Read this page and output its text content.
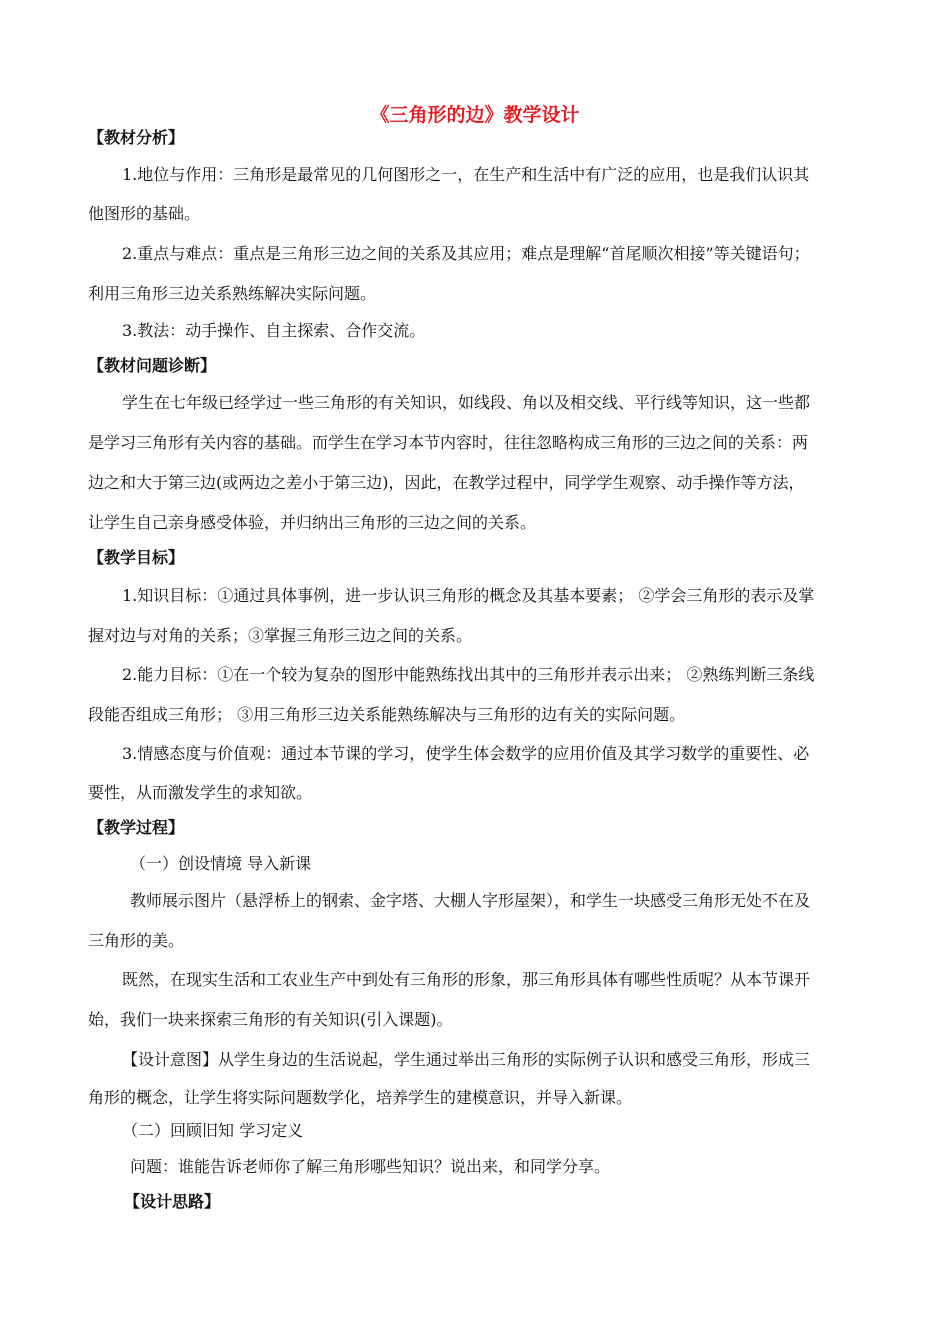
《三角形的边》教学设计
【教材分析】
1.地位与作用：三角形是最常见的几何图形之一，在生产和生活中有广泛的应用，也是我们认识其
他图形的基础。
2.重点与难点：重点是三角形三边之间的关系及其应用；难点是理解“首尾顺次相接”等关键语句；
利用三角形三边关系熟练解决实际问题。
3.教法：动手操作、自主探索、合作交流。
【教材问题诊断】
学生在七年级已经学过一些三角形的有关知识，如线段、角以及相交线、平行线等知识，这一些都
是学习三角形有关内容的基础。而学生在学习本节内容时，往往忽略构成三角形的三边之间的关系：两
边之和大于第三边(或两边之差小于第三边)，因此，在教学过程中，同学学生观察、动手操作等方法，
让学生自己亲身感受体验，并归纳出三角形的三边之间的关系。
【教学目标】
1.知识目标：①通过具体事例，进一步认识三角形的概念及其基本要素； ②学会三角形的表示及掌
握对边与对角的关系；③掌握三角形三边之间的关系。
2.能力目标：①在一个较为复杂的图形中能熟练找出其中的三角形并表示出来； ②熟练判断三条线
段能否组成三角形； ③用三角形三边关系能熟练解决与三角形的边有关的实际问题。
3.情感态度与价值观：通过本节课的学习，使学生体会数学的应用价值及其学习数学的重要性、必
要性，从而激发学生的求知欲。
【教学过程】
（一）创设情境 导入新课
教师展示图片（悬浮桥上的钢索、金字塔、大棚人字形屋架），和学生一块感受三角形无处不在及
三角形的美。
既然，在现实生活和工农业生产中到处有三角形的形象，那三角形具体有哪些性质呢？从本节课开
始，我们一块来探索三角形的有关知识(引入课题)。
【设计意图】从学生身边的生活说起，学生通过举出三角形的实际例子认识和感受三角形，形成三
角形的概念，让学生将实际问题数学化，培养学生的建模意识，并导入新课。
（二）回顾旧知 学习定义
问题：谁能告诉老师你了解三角形哪些知识？说出来，和同学分享。
【设计思路】
